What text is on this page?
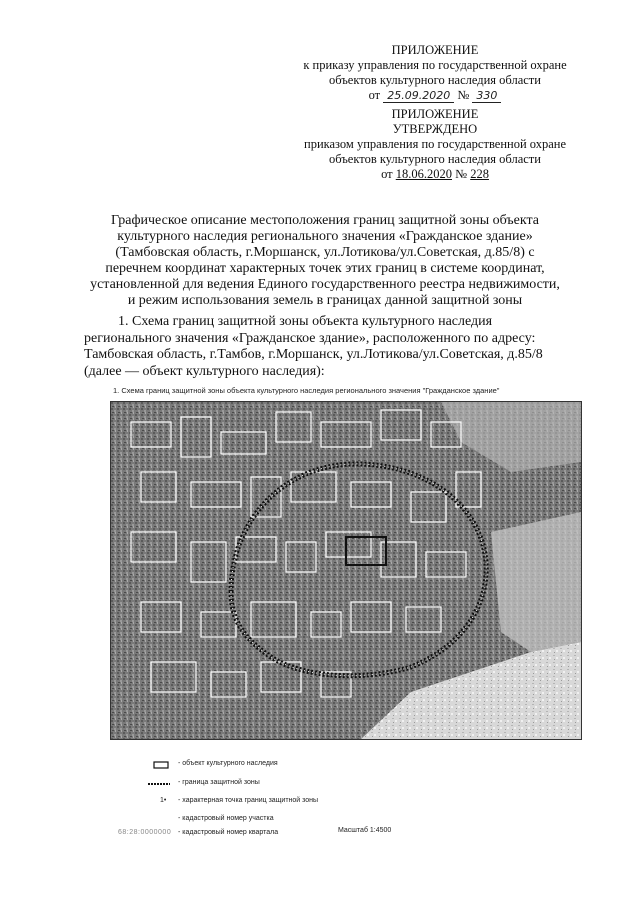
ПРИЛОЖЕНИЕ
к приказу управления по государственной охране
объектов культурного наследия области
от 25.09.2020 № 330
ПРИЛОЖЕНИЕ
УТВЕРЖДЕНО
приказом управления по государственной охране
объектов культурного наследия области
от 18.06.2020 № 228
Графическое описание местоположения границ защитной зоны объекта
культурного наследия регионального значения «Гражданское здание»
(Тамбовская область, г.Моршанск, ул.Лотикова/ул.Советская, д.85/8) с
перечнем координат характерных точек этих границ в системе координат,
установленной для ведения Единого государственного реестра недвижимости,
и режим использования земель в границах данной защитной зоны
1. Схема границ защитной зоны объекта культурного наследия
регионального значения «Гражданское здание», расположенного по адресу:
Тамбовская область, г.Тамбов, г.Моршанск, ул.Лотикова/ул.Советская, д.85/8
(далее — объект культурного наследия):
1. Схема границ защитной зоны объекта культурного наследия регионального значения "Гражданское здание"
- объект культурного наследия
- граница защитной зоны
1• - характерная точка границ защитной зоны
- кадастровый номер участка
68:28:0000000 - кадастровый номер квартала	Масштаб 1:4500
